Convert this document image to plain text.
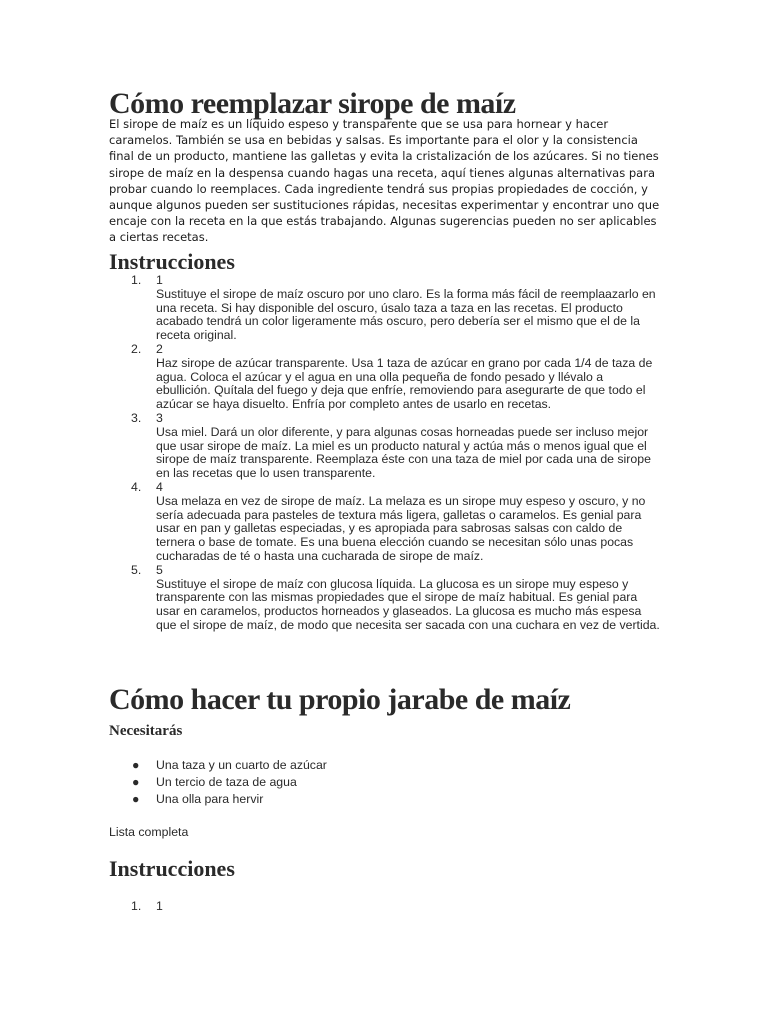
Cómo reemplazar sirope de maíz

El sirope de maíz es un líquido espeso y transparente que se usa para hornear y hacer caramelos. También se usa en bebidas y salsas. Es importante para el olor y la consistencia final de un producto, mantiene las galletas y evita la cristalización de los azúcares. Si no tienes sirope de maíz en la despensa cuando hagas una receta, aquí tienes algunas alternativas para probar cuando lo reemplaces. Cada ingrediente tendrá sus propias propiedades de cocción, y aunque algunos pueden ser sustituciones rápidas, necesitas experimentar y encontrar uno que encaje con la receta en la que estás trabajando. Algunas sugerencias pueden no ser aplicables a ciertas recetas.

Instrucciones
1. 1
Sustituye el sirope de maíz oscuro por uno claro. Es la forma más fácil de reemplaazarlo en una receta. Si hay disponible del oscuro, úsalo taza a taza en las recetas. El producto acabado tendrá un color ligeramente más oscuro, pero debería ser el mismo que el de la receta original.
2. 2
Haz sirope de azúcar transparente. Usa 1 taza de azúcar en grano por cada 1/4 de taza de agua. Coloca el azúcar y el agua en una olla pequeña de fondo pesado y llévalo a ebullición. Quítala del fuego y deja que enfríe, removiendo para asegurarte de que todo el azúcar se haya disuelto. Enfría por completo antes de usarlo en recetas.
3. 3
Usa miel. Dará un olor diferente, y para algunas cosas horneadas puede ser incluso mejor que usar sirope de maíz. La miel es un producto natural y actúa más o menos igual que el sirope de maíz transparente. Reemplaza éste con una taza de miel por cada una de sirope en las recetas que lo usen transparente.
4. 4
Usa melaza en vez de sirope de maíz. La melaza es un sirope muy espeso y oscuro, y no sería adecuada para pasteles de textura más ligera, galletas o caramelos. Es genial para usar en pan y galletas especiadas, y es apropiada para sabrosas salsas con caldo de ternera o base de tomate. Es una buena elección cuando se necesitan sólo unas pocas cucharadas de té o hasta una cucharada de sirope de maíz.
5. 5
Sustituye el sirope de maíz con glucosa líquida. La glucosa es un sirope muy espeso y transparente con las mismas propiedades que el sirope de maíz habitual. Es genial para usar en caramelos, productos horneados y glaseados. La glucosa es mucho más espesa que el sirope de maíz, de modo que necesita ser sacada con una cuchara en vez de vertida.
Cómo hacer tu propio jarabe de maíz
Necesitarás
● Una taza y un cuarto de azúcar
● Un tercio de taza de agua
● Una olla para hervir
Lista completa
Instrucciones
1. 1
